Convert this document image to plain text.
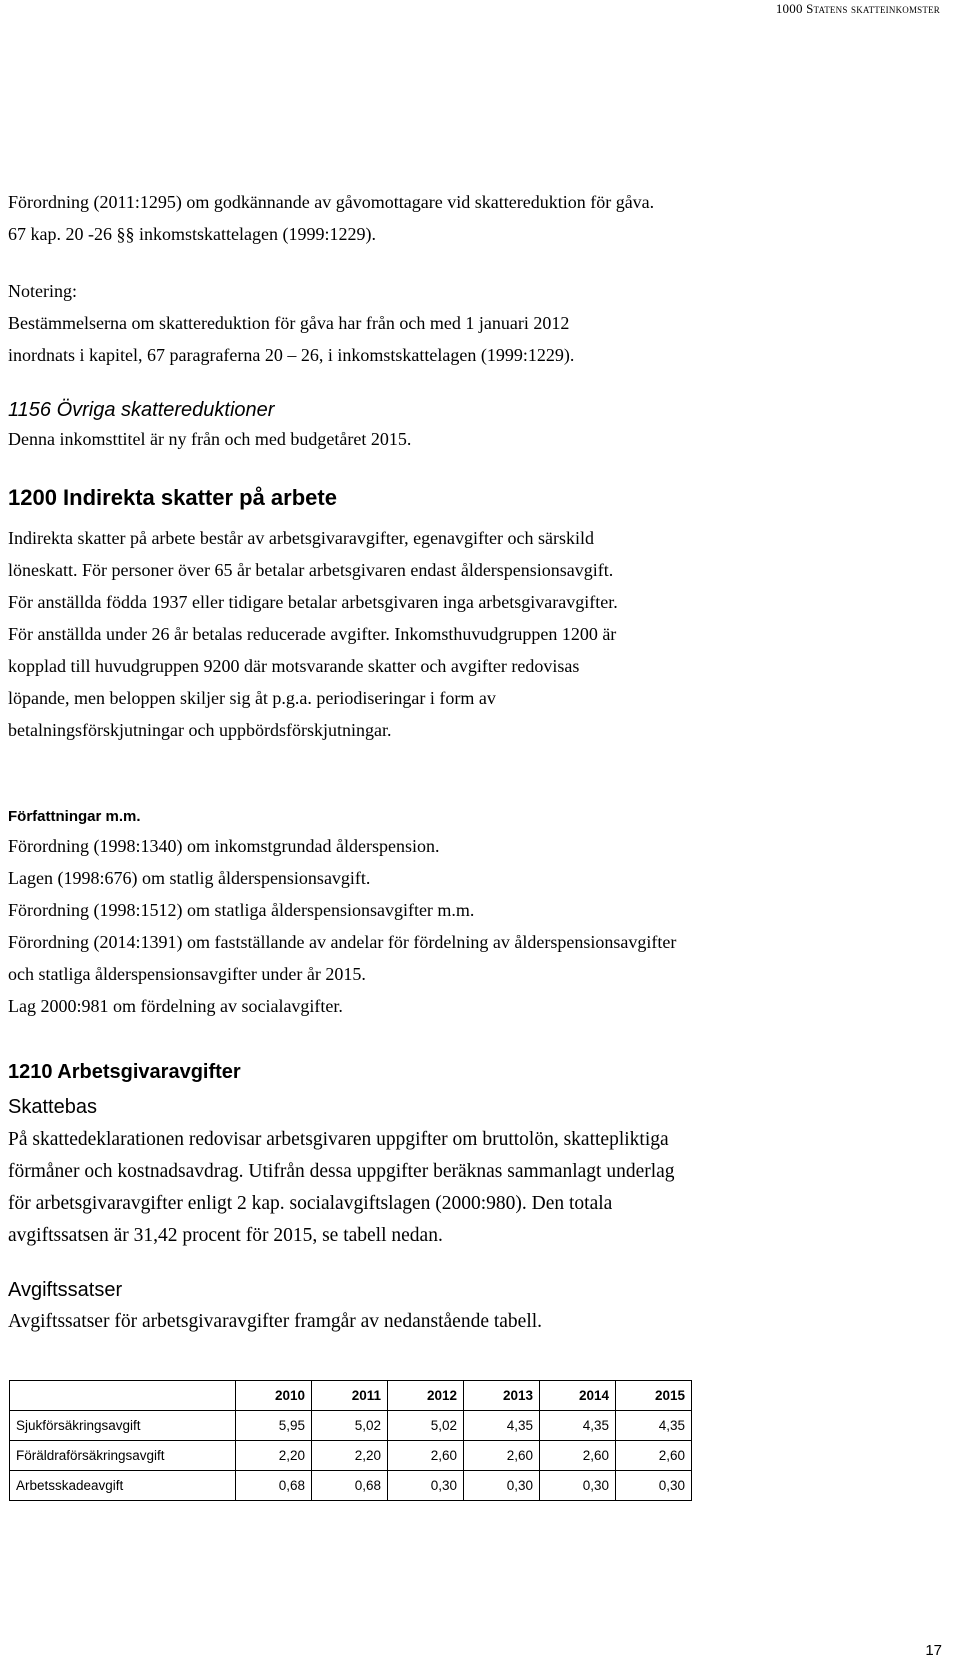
1000 Statens skatteinkomster

Förordning (2011:1295) om godkännande av gåvomottagare vid skattereduktion för gåva.

67 kap. 20 -26 §§ inkomstskattelagen (1999:1229).

Notering:

Bestämmelserna om skattereduktion för gåva har från och med 1 januari 2012

inordnats i kapitel, 67 paragraferna 20 – 26, i inkomstskattelagen (1999:1229).

1156 Övriga skattereduktioner

Denna inkomsttitel är ny från och med budgetåret 2015.

1200 Indirekta skatter på arbete

Indirekta skatter på arbete består av arbetsgivaravgifter, egenavgifter och särskild

löneskatt. För personer över 65 år betalar arbetsgivaren endast ålderspensionsavgift.

För anställda födda 1937 eller tidigare betalar arbetsgivaren inga arbetsgivaravgifter.

För anställda under 26 år betalas reducerade avgifter. Inkomsthuvudgruppen 1200 är

kopplad till huvudgruppen 9200 där motsvarande skatter och avgifter redovisas

löpande, men beloppen skiljer sig åt p.g.a. periodiseringar i form av

betalningsförskjutningar och uppbördsförskjutningar.

Författningar m.m.

Förordning (1998:1340) om inkomstgrundad ålderspension.

Lagen (1998:676) om statlig ålderspensionsavgift.

Förordning (1998:1512) om statliga ålderspensionsavgifter m.m.

Förordning (2014:1391) om fastställande av andelar för fördelning av ålderspensionsavgifter

och statliga ålderspensionsavgifter under år 2015.

Lag 2000:981 om fördelning av socialavgifter.

1210 Arbetsgivaravgifter

Skattebas

På skattedeklarationen redovisar arbetsgivaren uppgifter om bruttolön, skattepliktiga

förmåner och kostnadsavdrag. Utifrån dessa uppgifter beräknas sammanlagt underlag

för arbetsgivaravgifter enligt 2 kap. socialavgiftslagen (2000:980). Den totala

avgiftssatsen är 31,42 procent för 2015, se tabell nedan.

Avgiftssatser

Avgiftssatser för arbetsgivaravgifter framgår av nedanstående tabell.

	2010	2011	2012	2013	2014	2015
Sjukförsäkringsavgift	5,95	5,02	5,02	4,35	4,35	4,35
Föräldraförsäkringsavgift	2,20	2,20	2,60	2,60	2,60	2,60
Arbetsskadeavgift	0,68	0,68	0,30	0,30	0,30	0,30
17
